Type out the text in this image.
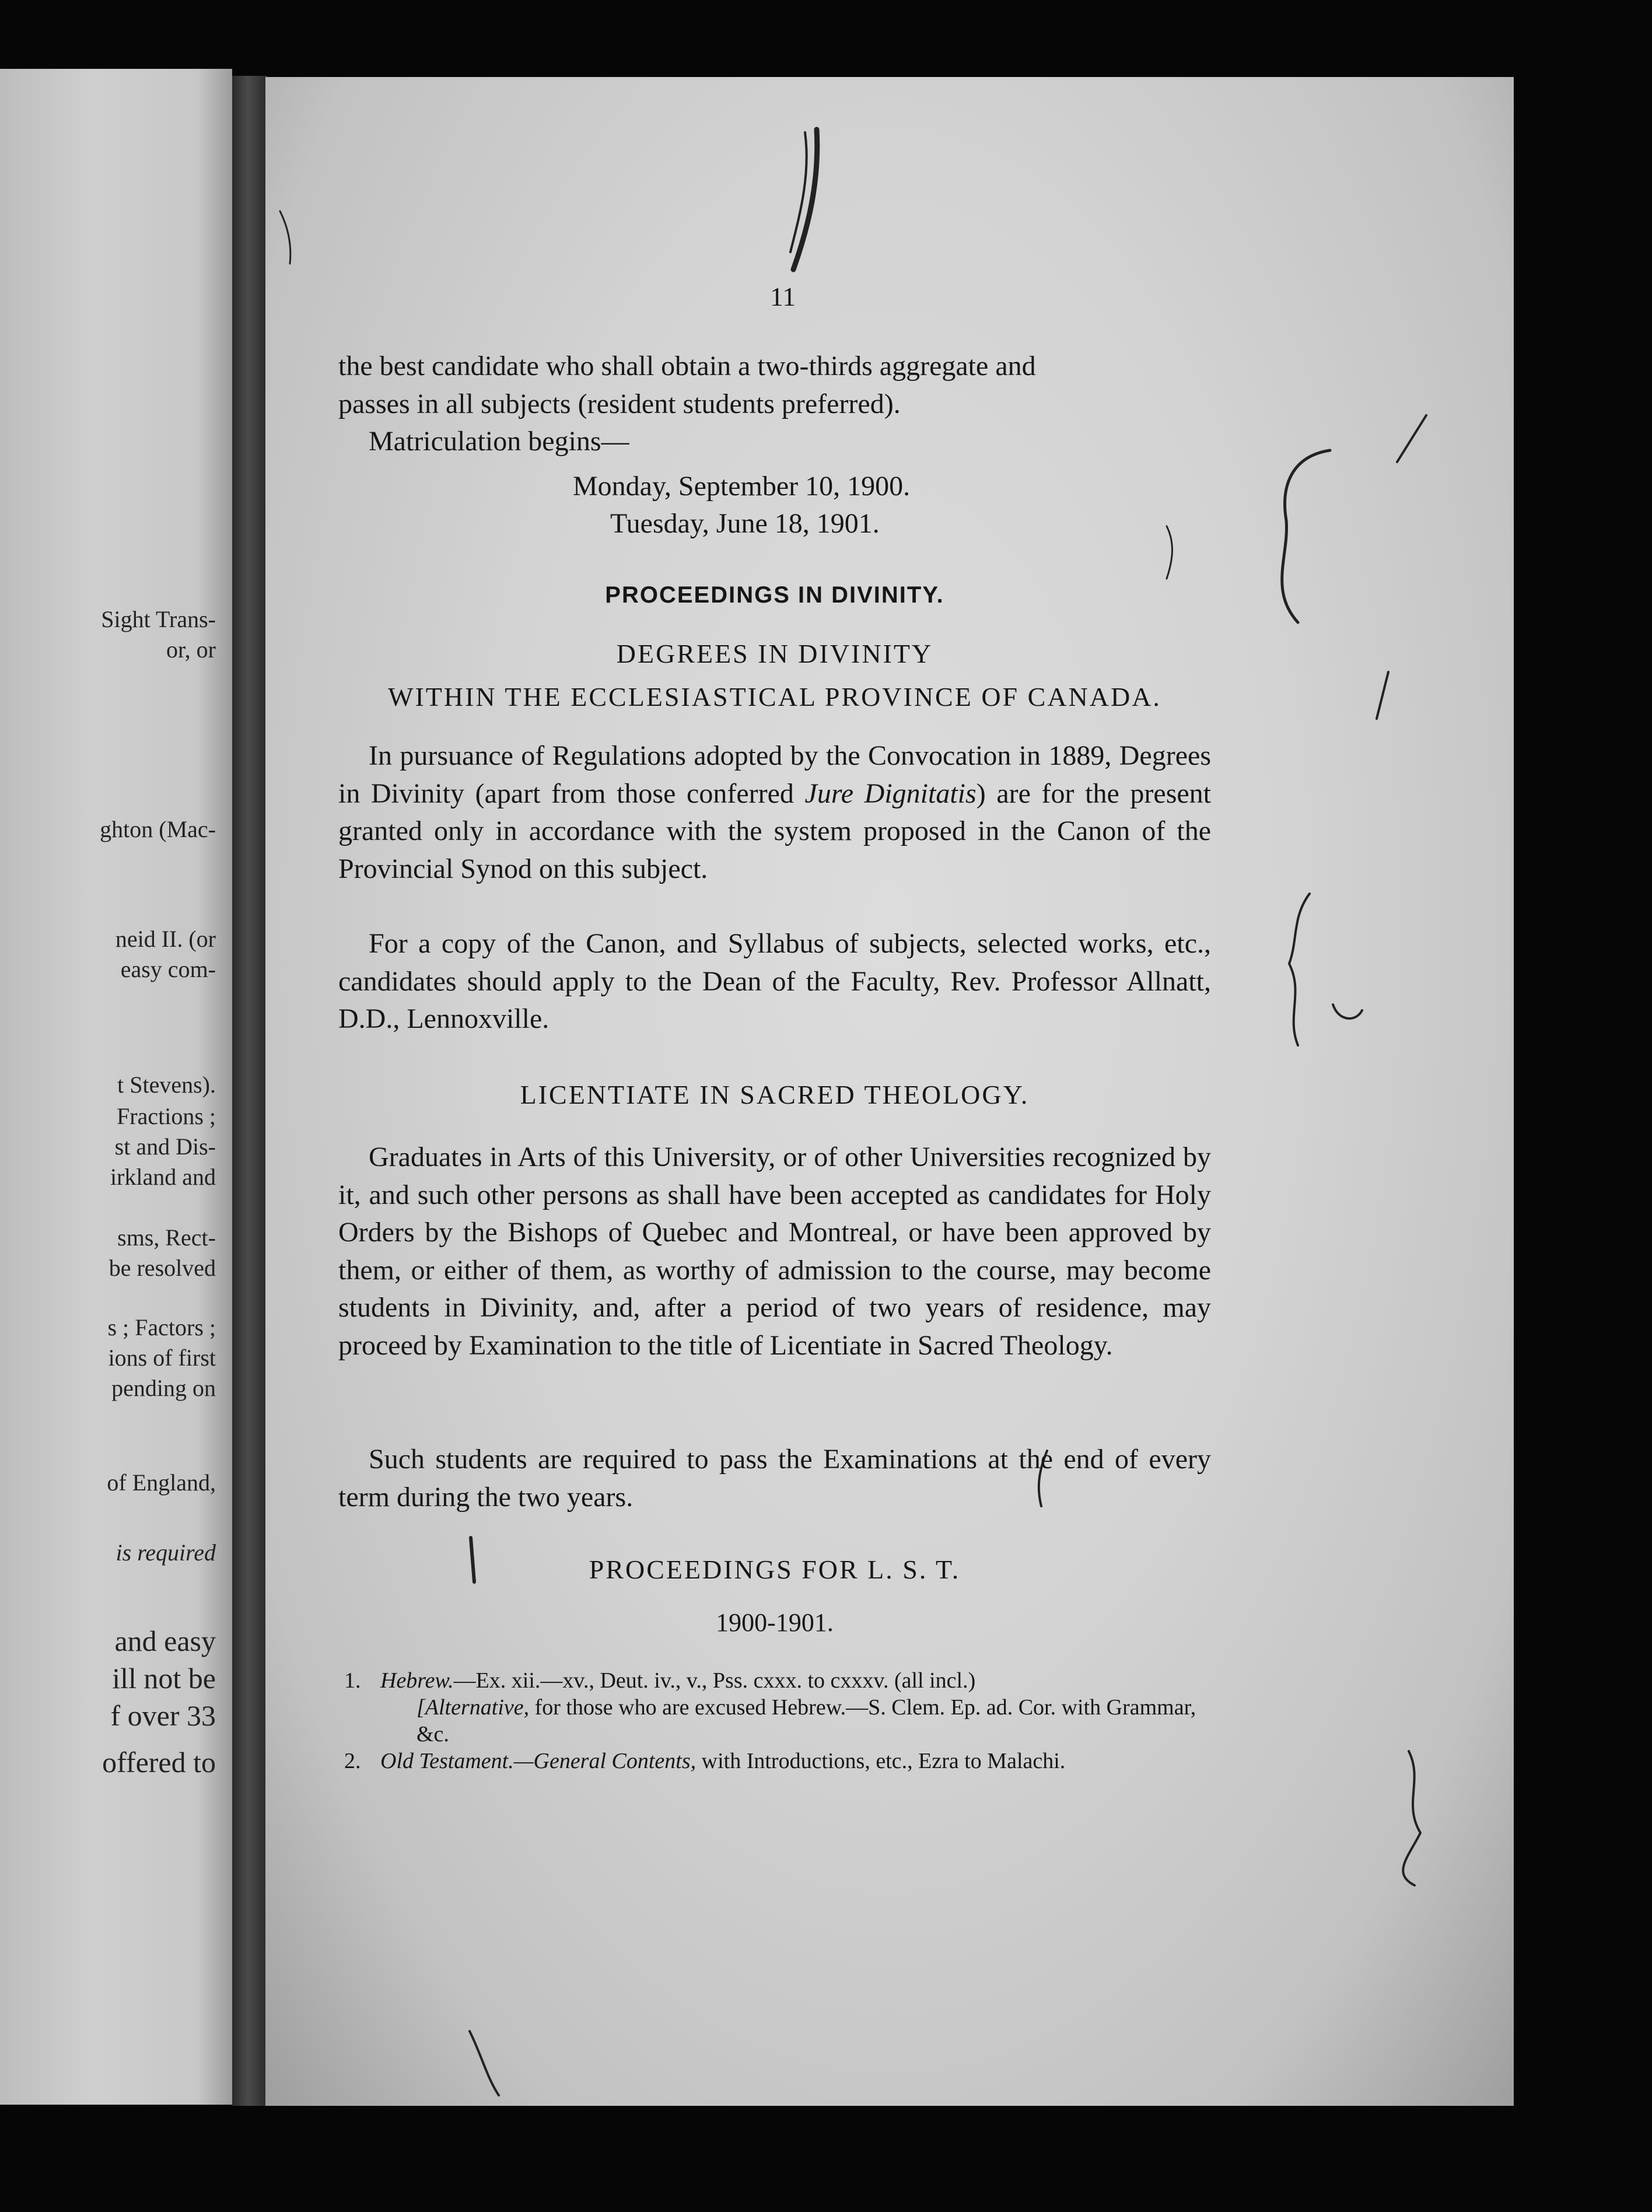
Sight Trans-
or, or
ghton (Mac-
neid II. (or
easy com-
t Stevens).
Fractions ;
st and Dis-
irkland and
sms, Rect-
be resolved
s ; Factors ;
ions of first
pending on
of England,
is required
and easy
ill not be
f over 33
offered to
11
the best candidate who shall obtain a two-thirds aggregate and
passes in all subjects (resident students preferred).
Matriculation begins—
Monday, September 10, 1900.
Tuesday, June 18, 1901.
PROCEEDINGS IN DIVINITY.
DEGREES IN DIVINITY
WITHIN THE ECCLESIASTICAL PROVINCE OF CANADA.
In pursuance of Regulations adopted by the Convocation in 1889, Degrees in Divinity (apart from those conferred Jure Dignitatis) are for the present granted only in accordance with the system proposed in the Canon of the Provincial Synod on this subject.
For a copy of the Canon, and Syllabus of subjects, selected works, etc., candidates should apply to the Dean of the Faculty, Rev. Professor Allnatt, D.D., Lennoxville.
LICENTIATE IN SACRED THEOLOGY.
Graduates in Arts of this University, or of other Universities recognized by it, and such other persons as shall have been accepted as candidates for Holy Orders by the Bishops of Quebec and Montreal, or have been approved by them, or either of them, as worthy of admission to the course, may become students in Divinity, and, after a period of two years of residence, may proceed by Examination to the title of Licentiate in Sacred Theology.
Such students are required to pass the Examinations at the end of every term during the two years.
PROCEEDINGS FOR L. S. T.
1900-1901.
1. Hebrew.—Ex. xii.—xv., Deut. iv., v., Pss. cxxx. to cxxxv. (all incl.)
[Alternative, for those who are excused Hebrew.—S. Clem. Ep. ad. Cor. with Grammar, &c.
2. Old Testament.—General Contents, with Introductions, etc., Ezra to Malachi.
